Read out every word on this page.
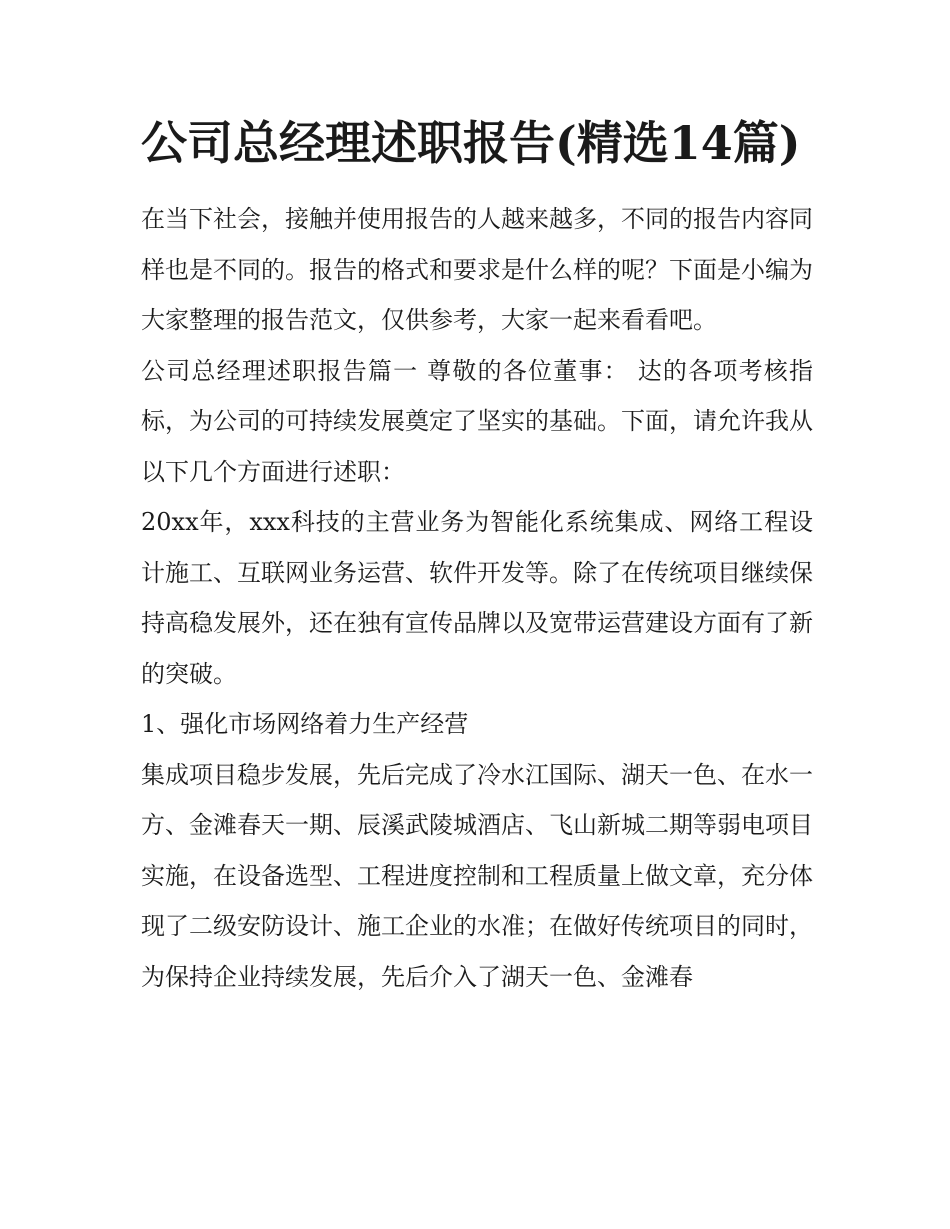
公司总经理述职报告(精选14篇)

在当下社会，接触并使用报告的人越来越多，不同的报告内容同样也是不同的。报告的格式和要求是什么样的呢？下面是小编为大家整理的报告范文，仅供参考，大家一起来看看吧。

公司总经理述职报告篇一 尊敬的各位董事： 达的各项考核指标，为公司的可持续发展奠定了坚实的基础。下面，请允许我从以下几个方面进行述职：

20xx年，xxx科技的主营业务为智能化系统集成、网络工程设计施工、互联网业务运营、软件开发等。除了在传统项目继续保持高稳发展外，还在独有宣传品牌以及宽带运营建设方面有了新的突破。

1、强化市场网络着力生产经营

集成项目稳步发展，先后完成了冷水江国际、湖天一色、在水一方、金滩春天一期、辰溪武陵城酒店、飞山新城二期等弱电项目实施，在设备选型、工程进度控制和工程质量上做文章，充分体现了二级安防设计、施工企业的水准；在做好传统项目的同时，为保持企业持续发展，先后介入了湖天一色、金滩春
